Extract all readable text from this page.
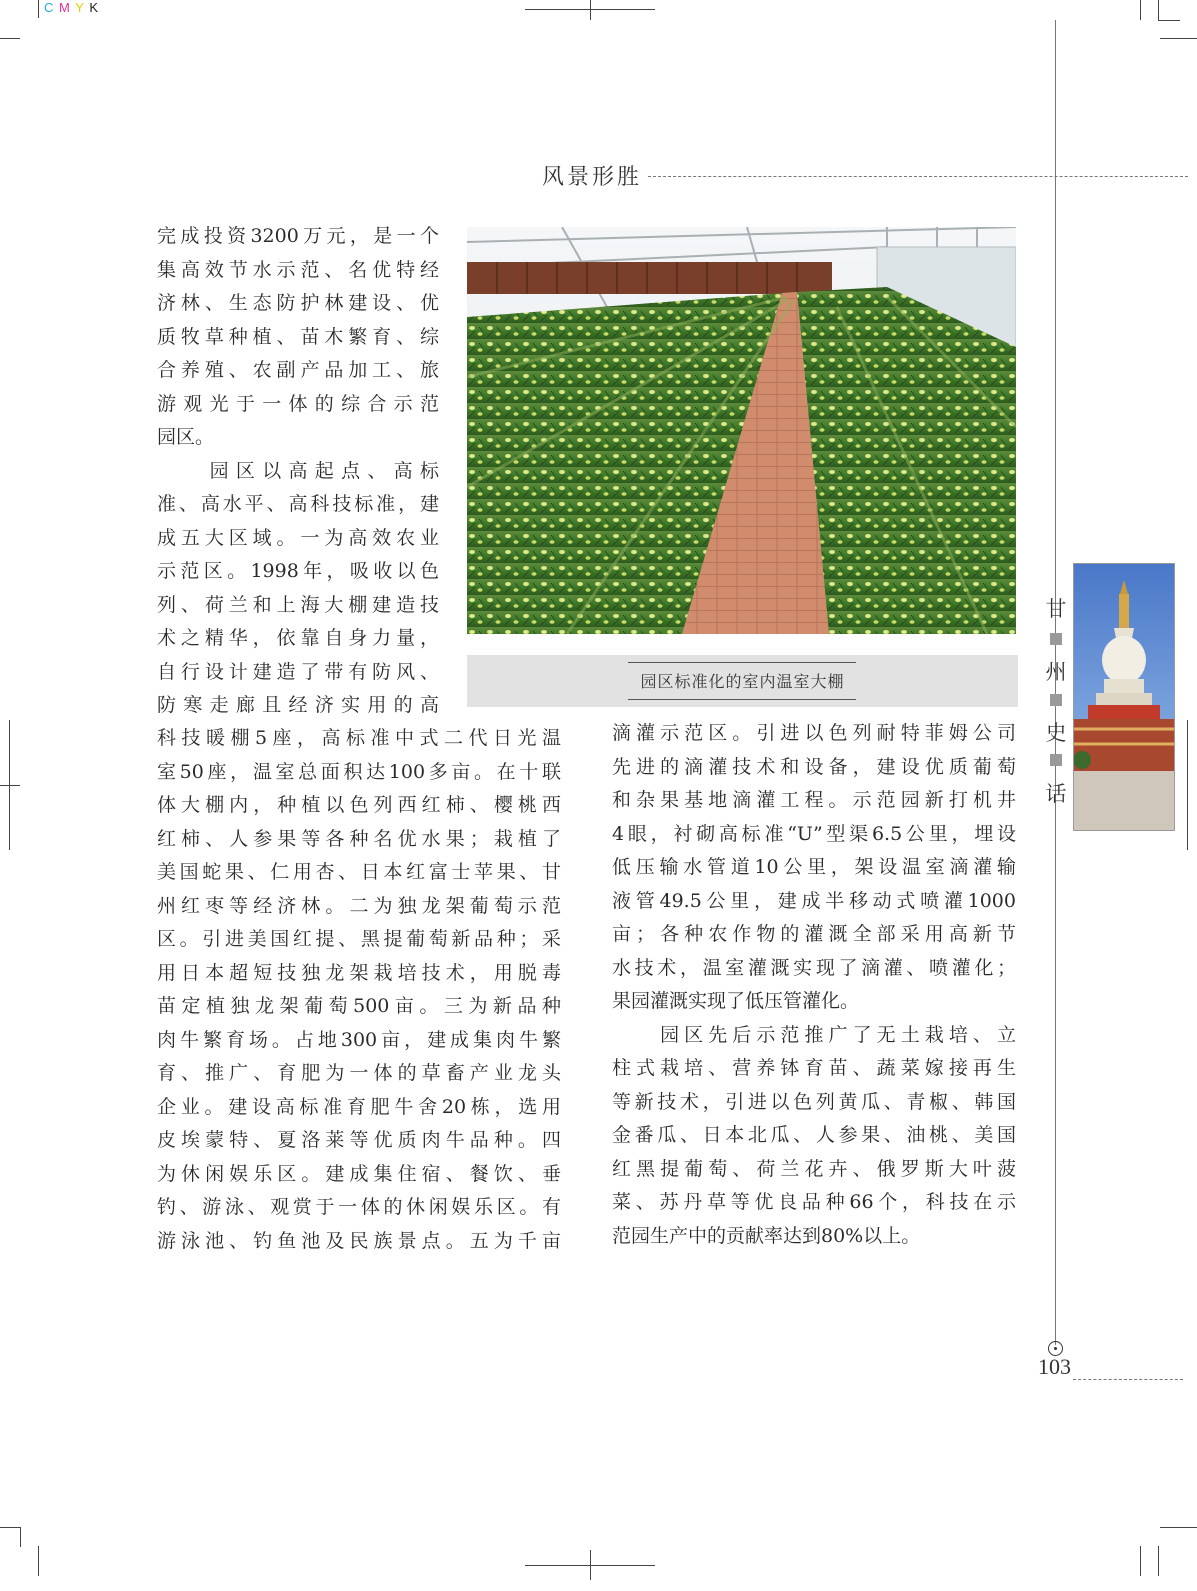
C M Y K
风景形胜

完成投资3200万元，是一个
集高效节水示范、名优特经
济林、生态防护林建设、优
质牧草种植、苗木繁育、综
合养殖、农副产品加工、旅
游观光于一体的综合示范
园区。

　　园区以高起点、高标
准、高水平、高科技标准，建
成五大区域。一为高效农业
示范区。1998年，吸收以色
列、荷兰和上海大棚建造技
术之精华，依靠自身力量，
自行设计建造了带有防风、
防寒走廊且经济实用的高

科技暖棚5座，高标准中式二代日光温
室50座，温室总面积达100多亩。在十联
体大棚内，种植以色列西红柿、樱桃西
红柿、人参果等各种名优水果；栽植了
美国蛇果、仁用杏、日本红富士苹果、甘
州红枣等经济林。二为独龙架葡萄示范
区。引进美国红提、黑提葡萄新品种；采
用日本超短技独龙架栽培技术，用脱毒
苗定植独龙架葡萄500亩。三为新品种
肉牛繁育场。占地300亩，建成集肉牛繁
育、推广、育肥为一体的草畜产业龙头
企业。建设高标准育肥牛舍20栋，选用
皮埃蒙特、夏洛莱等优质肉牛品种。四
为休闲娱乐区。建成集住宿、餐饮、垂
钓、游泳、观赏于一体的休闲娱乐区。有
游泳池、钓鱼池及民族景点。五为千亩

滴灌示范区。引进以色列耐特菲姆公司
先进的滴灌技术和设备，建设优质葡萄
和杂果基地滴灌工程。示范园新打机井
4眼，衬砌高标准“U”型渠6.5公里，埋设
低压输水管道10公里，架设温室滴灌输
液管49.5公里，建成半移动式喷灌1000
亩；各种农作物的灌溉全部采用高新节
水技术，温室灌溉实现了滴灌、喷灌化；
果园灌溉实现了低压管灌化。

　　园区先后示范推广了无土栽培、立
柱式栽培、营养钵育苗、蔬菜嫁接再生
等新技术，引进以色列黄瓜、青椒、韩国
金番瓜、日本北瓜、人参果、油桃、美国
红黑提葡萄、荷兰花卉、俄罗斯大叶菠
菜、苏丹草等优良品种66个，科技在示
范园生产中的贡献率达到80%以上。

园区标准化的室内温室大棚
甘
州
史
话
103
